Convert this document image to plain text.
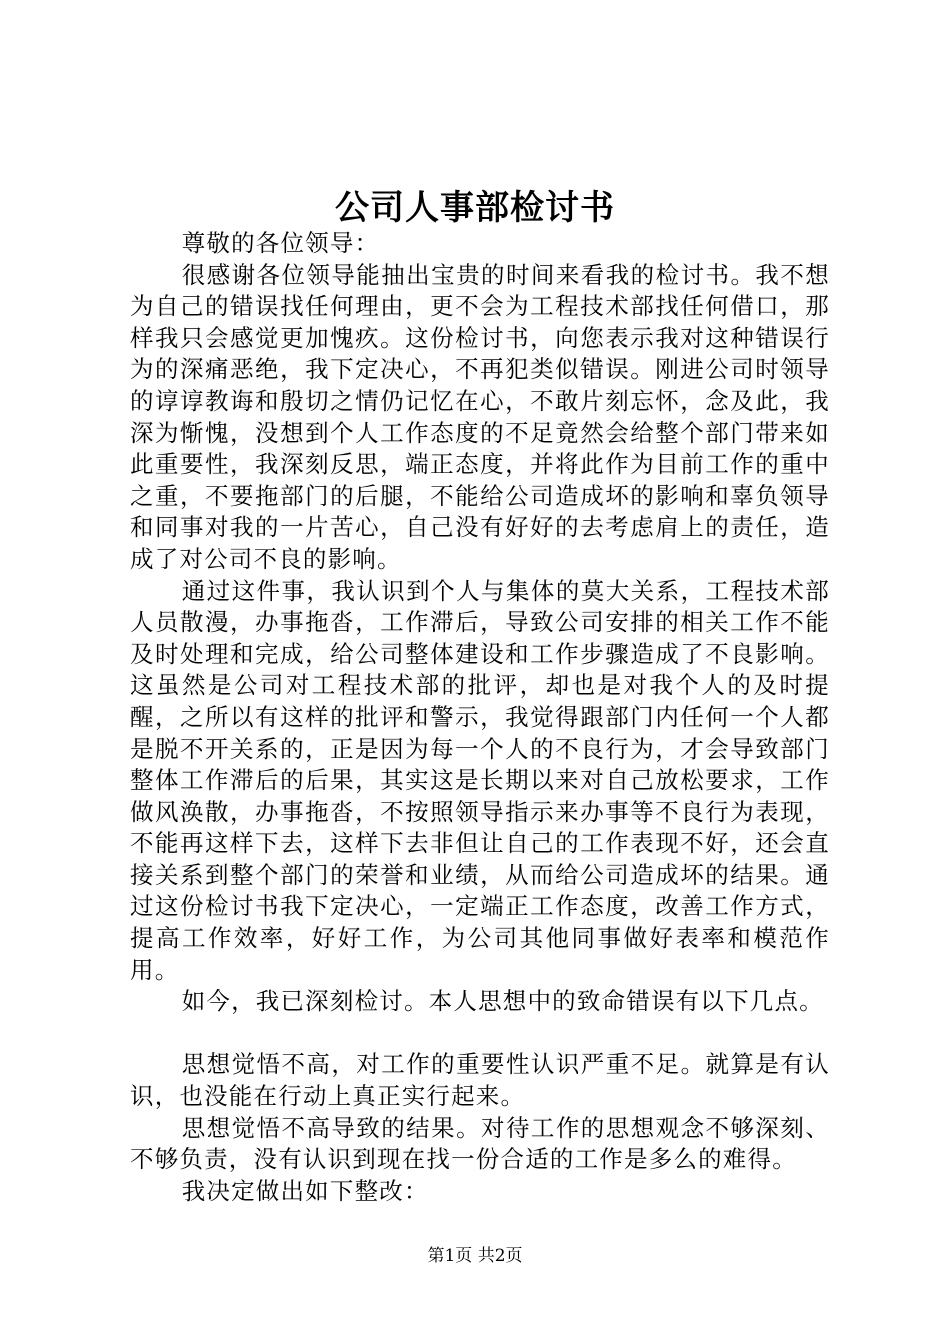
公司人事部检讨书

尊敬的各位领导：

很感谢各位领导能抽出宝贵的时间来看我的检讨书。我不想为自己的错误找任何理由，更不会为工程技术部找任何借口，那样我只会感觉更加愧疚。这份检讨书，向您表示我对这种错误行为的深痛恶绝，我下定决心，不再犯类似错误。刚进公司时领导的谆谆教诲和殷切之情仍记忆在心，不敢片刻忘怀，念及此，我深为惭愧，没想到个人工作态度的不足竟然会给整个部门带来如此重要性，我深刻反思，端正态度，并将此作为目前工作的重中之重，不要拖部门的后腿，不能给公司造成坏的影响和辜负领导和同事对我的一片苦心，自己没有好好的去考虑肩上的责任，造成了对公司不良的影响。

通过这件事，我认识到个人与集体的莫大关系，工程技术部人员散漫，办事拖沓，工作滞后，导致公司安排的相关工作不能及时处理和完成，给公司整体建设和工作步骤造成了不良影响。这虽然是公司对工程技术部的批评，却也是对我个人的及时提醒，之所以有这样的批评和警示，我觉得跟部门内任何一个人都是脱不开关系的，正是因为每一个人的不良行为，才会导致部门整体工作滞后的后果，其实这是长期以来对自己放松要求，工作做风涣散，办事拖沓，不按照领导指示来办事等不良行为表现，不能再这样下去，这样下去非但让自己的工作表现不好，还会直接关系到整个部门的荣誉和业绩，从而给公司造成坏的结果。通过这份检讨书我下定决心，一定端正工作态度，改善工作方式，提高工作效率，好好工作，为公司其他同事做好表率和模范作用。

如今，我已深刻检讨。本人思想中的致命错误有以下几点。

思想觉悟不高，对工作的重要性认识严重不足。就算是有认识，也没能在行动上真正实行起来。

思想觉悟不高导致的结果。对待工作的思想观念不够深刻、不够负责，没有认识到现在找一份合适的工作是多么的难得。

我决定做出如下整改：

第1页 共2页
